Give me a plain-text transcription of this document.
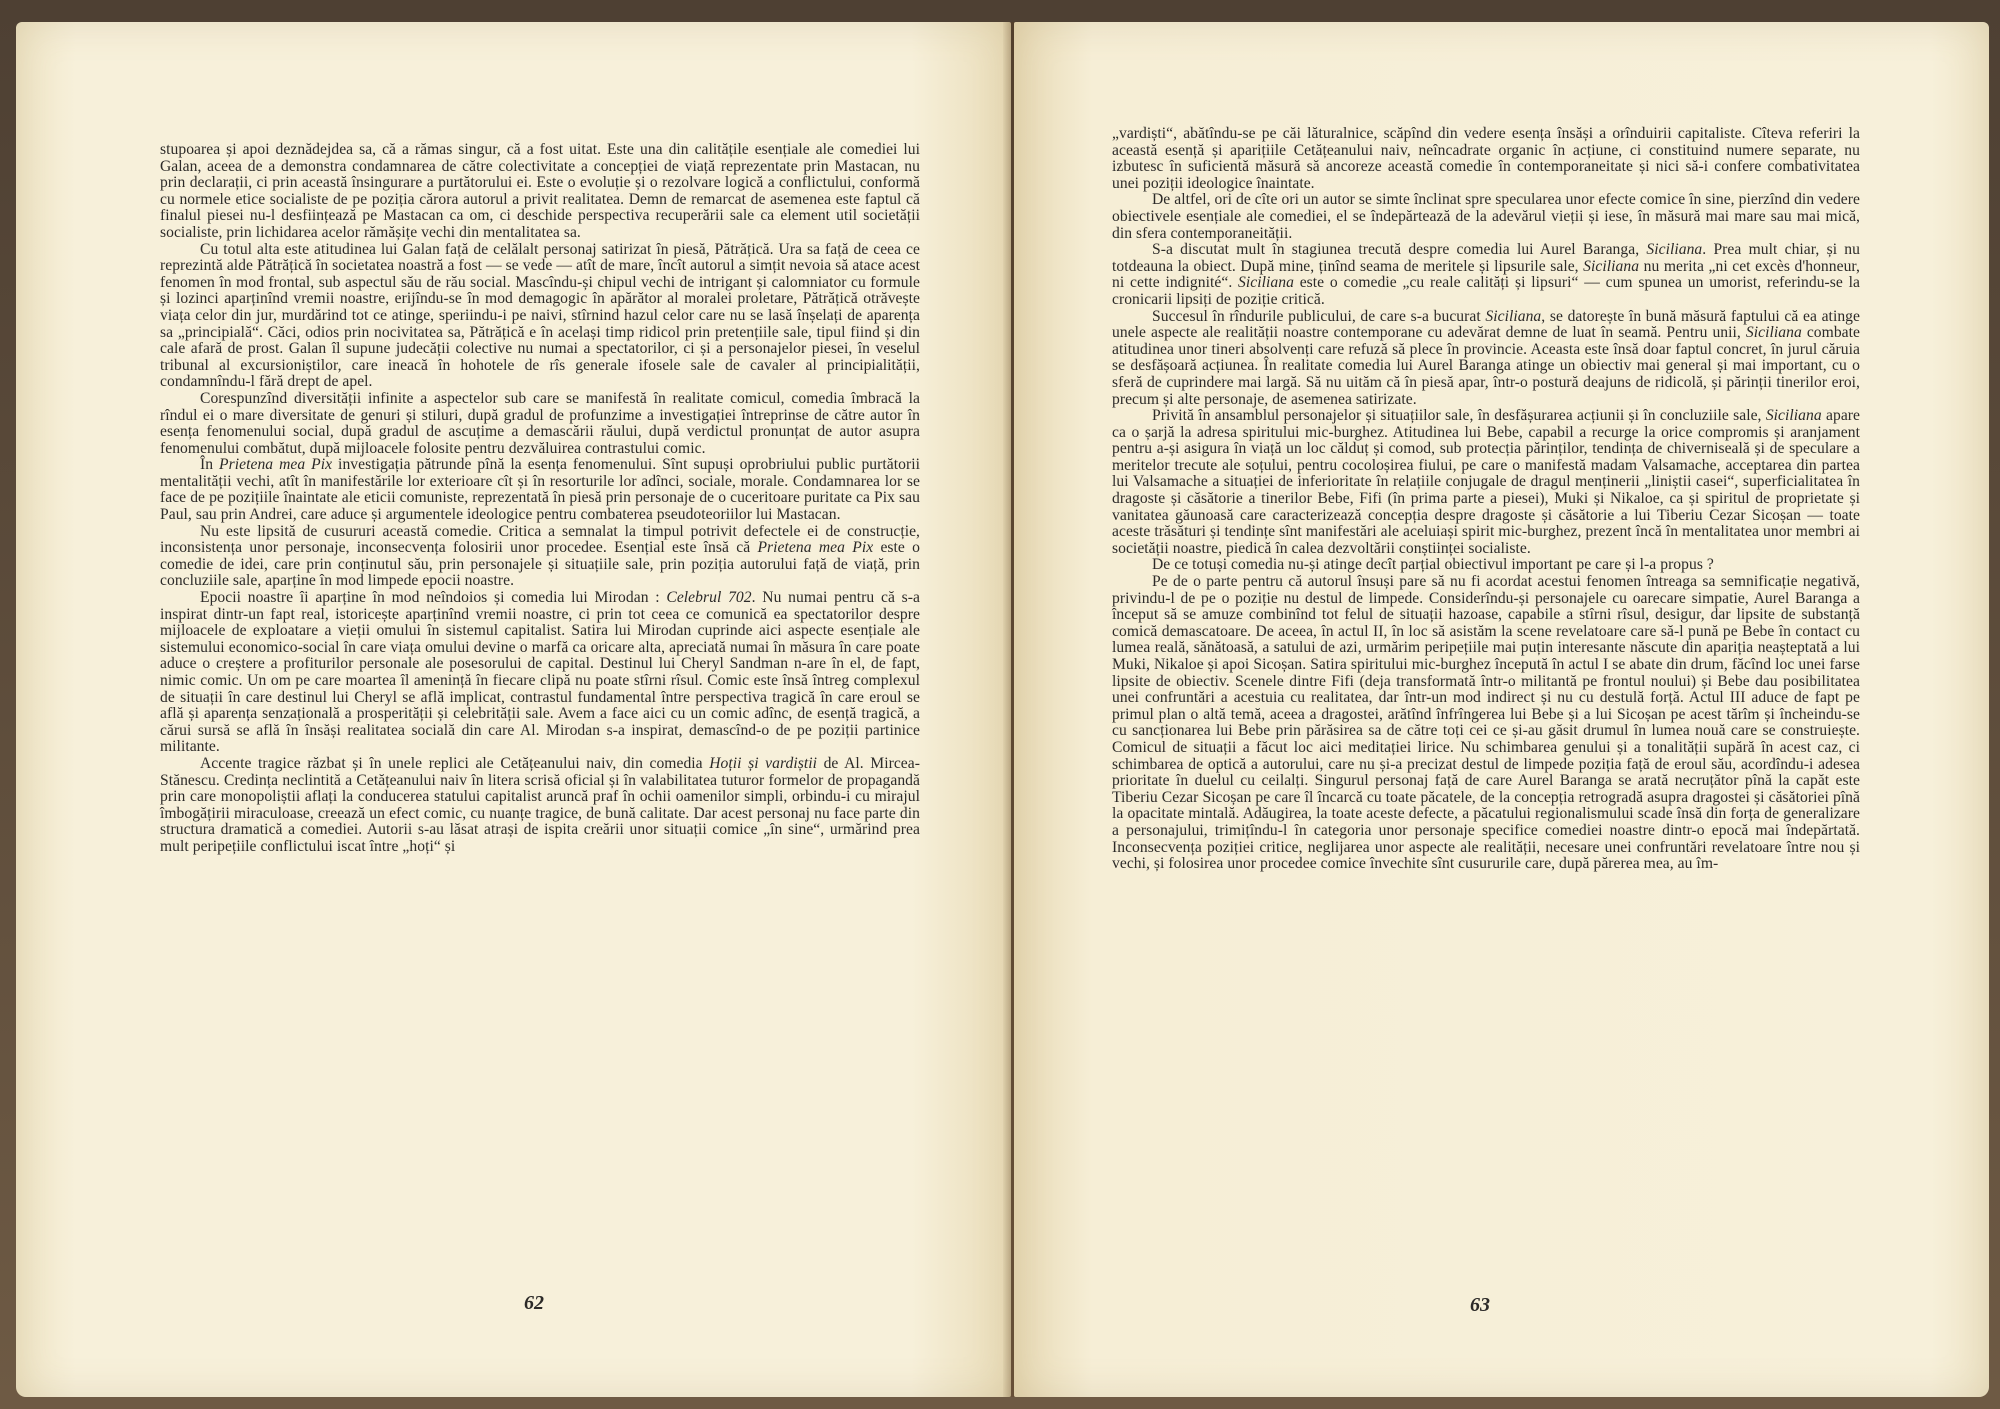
stupoarea și apoi deznădejdea sa, că a rămas singur, că a fost uitat. Este una din calitățile esențiale ale comediei lui Galan, aceea de a demonstra condamnarea de către colectivitate a concepției de viață reprezentate prin Mastacan, nu prin declarații, ci prin această însingurare a purtătorului ei. Este o evoluție și o rezolvare logică a conflictului, conformă cu normele etice socialiste de pe poziția cărora autorul a privit realitatea. Demn de remarcat de asemenea este faptul că finalul piesei nu-l desființează pe Mastacan ca om, ci deschide perspectiva recuperării sale ca element util societății socialiste, prin lichidarea acelor rămășițe vechi din mentalitatea sa.

Cu totul alta este atitudinea lui Galan față de celălalt personaj satirizat în piesă, Pătrățică. Ura sa față de ceea ce reprezintă alde Pătrățică în societatea noastră a fost — se vede — atît de mare, încît autorul a simțit nevoia să atace acest fenomen în mod frontal, sub aspectul său de rău social. Mascîndu-și chipul vechi de intrigant și calomniator cu formule și lozinci aparținînd vremii noastre, erijîndu-se în mod demagogic în apărător al moralei proletare, Pătrățică otrăvește viața celor din jur, murdărind tot ce atinge, speriindu-i pe naivi, stîrnind hazul celor care nu se lasă înșelați de aparența sa „principială“. Căci, odios prin nocivitatea sa, Pătrățică e în același timp ridicol prin pretențiile sale, tipul fiind și din cale afară de prost. Galan îl supune judecății colective nu numai a spectatorilor, ci și a personajelor piesei, în veselul tribunal al excursioniștilor, care ineacă în hohotele de rîs generale ifosele sale de cavaler al principialității, condamnîndu-l fără drept de apel.

Corespunzînd diversității infinite a aspectelor sub care se manifestă în realitate comicul, comedia îmbracă la rîndul ei o mare diversitate de genuri și stiluri, după gradul de profunzime a investigației întreprinse de către autor în esența fenomenului social, după gradul de ascuțime a demascării răului, după verdictul pronunțat de autor asupra fenomenului combătut, după mijloacele folosite pentru dezvăluirea contrastului comic.

În Prietena mea Pix investigația pătrunde pînă la esența fenomenului. Sînt supuși oprobriului public purtătorii mentalității vechi, atît în manifestările lor exterioare cît și în resorturile lor adînci, sociale, morale. Condamnarea lor se face de pe pozițiile înaintate ale eticii comuniste, reprezentată în piesă prin personaje de o cuceritoare puritate ca Pix sau Paul, sau prin Andrei, care aduce și argumentele ideologice pentru combaterea pseudoteoriilor lui Mastacan.

Nu este lipsită de cusururi această comedie. Critica a semnalat la timpul potrivit defectele ei de construcție, inconsistența unor personaje, inconsecvența folosirii unor procedee. Esențial este însă că Prietena mea Pix este o comedie de idei, care prin conținutul său, prin personajele și situațiile sale, prin poziția autorului față de viață, prin concluziile sale, aparține în mod limpede epocii noastre.

Epocii noastre îi aparține în mod neîndoios și comedia lui Mirodan : Celebrul 702. Nu numai pentru că s-a inspirat dintr-un fapt real, istoricește aparținînd vremii noastre, ci prin tot ceea ce comunică ea spectatorilor despre mijloacele de exploatare a vieții omului în sistemul capitalist. Satira lui Mirodan cuprinde aici aspecte esențiale ale sistemului economico-social în care viața omului devine o marfă ca oricare alta, apreciată numai în măsura în care poate aduce o creștere a profiturilor personale ale posesorului de capital. Destinul lui Cheryl Sandman n-are în el, de fapt, nimic comic. Un om pe care moartea îl amenință în fiecare clipă nu poate stîrni rîsul. Comic este însă întreg complexul de situații în care destinul lui Cheryl se află implicat, contrastul fundamental între perspectiva tragică în care eroul se află și aparența senzațională a prosperității și celebrității sale. Avem a face aici cu un comic adînc, de esență tragică, a cărui sursă se află în însăși realitatea socială din care Al. Mirodan s-a inspirat, demascînd-o de pe poziții partinice militante.

Accente tragice răzbat și în unele replici ale Cetățeanului naiv, din comedia Hoții și vardiștii de Al. Mircea-Stănescu. Credința neclintită a Cetățeanului naiv în litera scrisă oficial și în valabilitatea tuturor formelor de propagandă prin care monopoliștii aflați la conducerea statului capitalist aruncă praf în ochii oamenilor simpli, orbindu-i cu mirajul îmbogățirii miraculoase, creează un efect comic, cu nuanțe tragice, de bună calitate. Dar acest personaj nu face parte din structura dramatică a comediei. Autorii s-au lăsat atrași de ispita creării unor situații comice „în sine“, urmărind prea mult peripețiile conflictului iscat între „hoți“ și

62

„vardiști“, abătîndu-se pe căi lăturalnice, scăpînd din vedere esența însăși a orînduirii capitaliste. Cîteva referiri la această esență și aparițiile Cetățeanului naiv, neîncadrate organic în acțiune, ci constituind numere separate, nu izbutesc în suficientă măsură să ancoreze această comedie în contemporaneitate și nici să-i confere combativitatea unei poziții ideologice înaintate.

De altfel, ori de cîte ori un autor se simte înclinat spre specularea unor efecte comice în sine, pierzînd din vedere obiectivele esențiale ale comediei, el se îndepărtează de la adevărul vieții și iese, în măsură mai mare sau mai mică, din sfera contemporaneității.

S-a discutat mult în stagiunea trecută despre comedia lui Aurel Baranga, Siciliana. Prea mult chiar, și nu totdeauna la obiect. După mine, ținînd seama de meritele și lipsurile sale, Siciliana nu merita „ni cet excès d'honneur, ni cette indignité“. Siciliana este o comedie „cu reale calități și lipsuri“ — cum spunea un umorist, referindu-se la cronicarii lipsiți de poziție critică.

Succesul în rîndurile publicului, de care s-a bucurat Siciliana, se datorește în bună măsură faptului că ea atinge unele aspecte ale realității noastre contemporane cu adevărat demne de luat în seamă. Pentru unii, Siciliana combate atitudinea unor tineri absolvenți care refuză să plece în provincie. Aceasta este însă doar faptul concret, în jurul căruia se desfășoară acțiunea. În realitate comedia lui Aurel Baranga atinge un obiectiv mai general și mai important, cu o sferă de cuprindere mai largă. Să nu uităm că în piesă apar, într-o postură deajuns de ridicolă, și părinții tinerilor eroi, precum și alte personaje, de asemenea satirizate.

Privită în ansamblul personajelor și situațiilor sale, în desfășurarea acțiunii și în concluziile sale, Siciliana apare ca o șarjă la adresa spiritului mic-burghez. Atitudinea lui Bebe, capabil a recurge la orice compromis și aranjament pentru a-și asigura în viață un loc călduț și comod, sub protecția părinților, tendința de chiverniseală și de speculare a meritelor trecute ale soțului, pentru cocoloșirea fiului, pe care o manifestă madam Valsamache, acceptarea din partea lui Valsamache a situației de inferioritate în relațiile conjugale de dragul menținerii „liniștii casei“, superficialitatea în dragoste și căsătorie a tinerilor Bebe, Fifi (în prima parte a piesei), Muki și Nikaloe, ca și spiritul de proprietate și vanitatea găunoasă care caracterizează concepția despre dragoste și căsătorie a lui Tiberiu Cezar Sicoșan — toate aceste trăsături și tendințe sînt manifestări ale aceluiași spirit mic-burghez, prezent încă în mentalitatea unor membri ai societății noastre, piedică în calea dezvoltării conștiinței socialiste.

De ce totuși comedia nu-și atinge decît parțial obiectivul important pe care și l-a propus ?

Pe de o parte pentru că autorul însuși pare să nu fi acordat acestui fenomen întreaga sa semnificație negativă, privindu-l de pe o poziție nu destul de limpede. Considerîndu-și personajele cu oarecare simpatie, Aurel Baranga a început să se amuze combinînd tot felul de situații hazoase, capabile a stîrni rîsul, desigur, dar lipsite de substanță comică demascatoare. De aceea, în actul II, în loc să asistăm la scene revelatoare care să-l pună pe Bebe în contact cu lumea reală, sănătoasă, a satului de azi, urmărim peripețiile mai puțin interesante născute din apariția neașteptată a lui Muki, Nikaloe și apoi Sicoșan. Satira spiritului mic-burghez începută în actul I se abate din drum, făcînd loc unei farse lipsite de obiectiv. Scenele dintre Fifi (deja transformată într-o militantă pe frontul noului) și Bebe dau posibilitatea unei confruntări a acestuia cu realitatea, dar într-un mod indirect și nu cu destulă forță. Actul III aduce de fapt pe primul plan o altă temă, aceea a dragostei, arătînd înfrîngerea lui Bebe și a lui Sicoșan pe acest tărîm și încheindu-se cu sancționarea lui Bebe prin părăsirea sa de către toți cei ce și-au găsit drumul în lumea nouă care se construiește. Comicul de situații a făcut loc aici meditației lirice. Nu schimbarea genului și a tonalității supără în acest caz, ci schimbarea de optică a autorului, care nu și-a precizat destul de limpede poziția față de eroul său, acordîndu-i adesea prioritate în duelul cu ceilalți. Singurul personaj față de care Aurel Baranga se arată necruțător pînă la capăt este Tiberiu Cezar Sicoșan pe care îl încarcă cu toate păcatele, de la concepția retrogradă asupra dragostei și căsătoriei pînă la opacitate mintală. Adăugirea, la toate aceste defecte, a păcatului regionalismului scade însă din forța de generalizare a personajului, trimițîndu-l în categoria unor personaje specifice comediei noastre dintr-o epocă mai îndepărtată. Inconsecvența poziției critice, neglijarea unor aspecte ale realității, necesare unei confruntări revelatoare între nou și vechi, și folosirea unor procedee comice învechite sînt cusururile care, după părerea mea, au îm-

63
